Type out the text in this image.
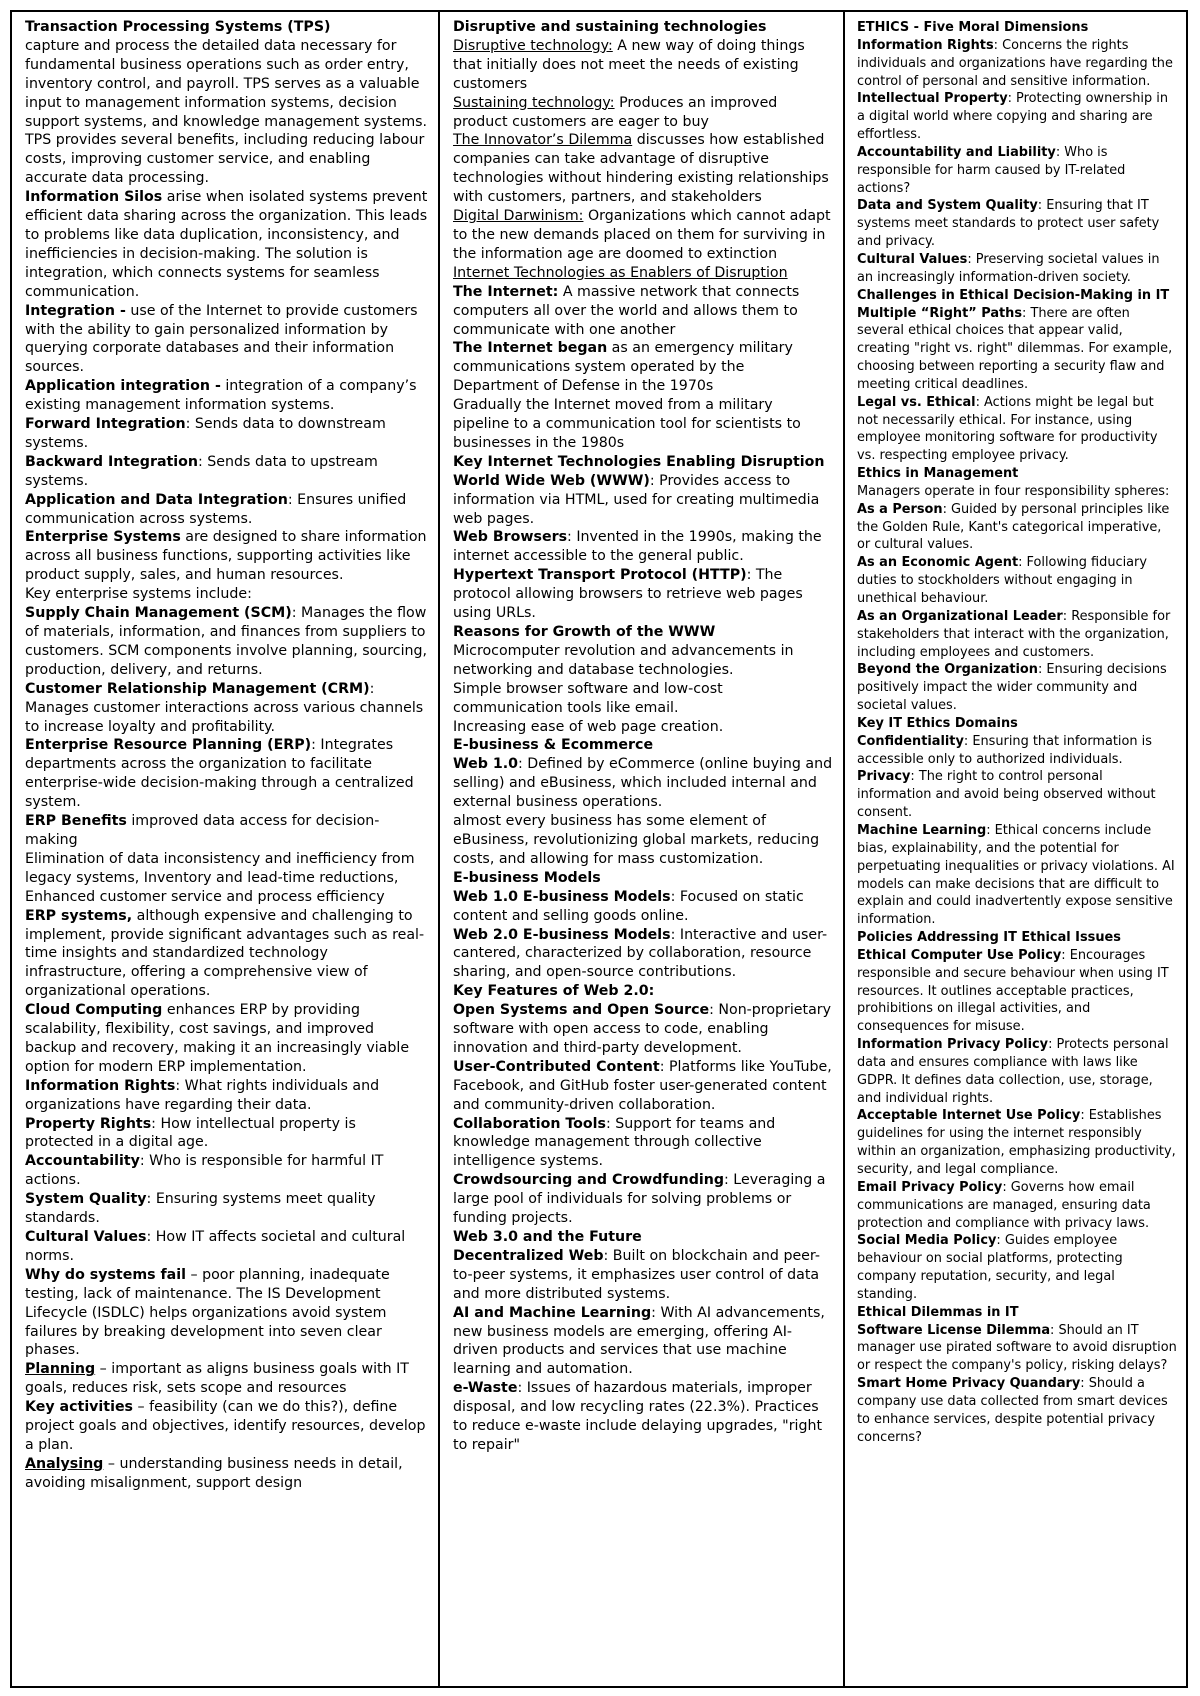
Transaction Processing Systems (TPS)

capture and process the detailed data necessary for fundamental business operations such as order entry, inventory control, and payroll. TPS serves as a valuable input to management information systems, decision support systems, and knowledge management systems. TPS provides several benefits, including reducing labour costs, improving customer service, and enabling accurate data processing.

Information Silos arise when isolated systems prevent efficient data sharing across the organization. This leads to problems like data duplication, inconsistency, and inefficiencies in decision-making. The solution is integration, which connects systems for seamless communication.

Integration - use of the Internet to provide customers with the ability to gain personalized information by querying corporate databases and their information sources.

Application integration - integration of a company’s existing management information systems.

Forward Integration: Sends data to downstream systems.

Backward Integration: Sends data to upstream systems.

Application and Data Integration: Ensures unified communication across systems.

Enterprise Systems are designed to share information across all business functions, supporting activities like product supply, sales, and human resources.

Key enterprise systems include:

Supply Chain Management (SCM): Manages the flow of materials, information, and finances from suppliers to customers. SCM components involve planning, sourcing, production, delivery, and returns.

Customer Relationship Management (CRM): Manages customer interactions across various channels to increase loyalty and profitability.

Enterprise Resource Planning (ERP): Integrates departments across the organization to facilitate enterprise-wide decision-making through a centralized system.

ERP Benefits improved data access for decision-making

Elimination of data inconsistency and inefficiency from legacy systems, Inventory and lead-time reductions,

Enhanced customer service and process efficiency

ERP systems, although expensive and challenging to implement, provide significant advantages such as real-time insights and standardized technology infrastructure, offering a comprehensive view of organizational operations.

Cloud Computing enhances ERP by providing scalability, flexibility, cost savings, and improved backup and recovery, making it an increasingly viable option for modern ERP implementation.

Information Rights: What rights individuals and organizations have regarding their data.

Property Rights: How intellectual property is protected in a digital age.

Accountability: Who is responsible for harmful IT actions.

System Quality: Ensuring systems meet quality standards.

Cultural Values: How IT affects societal and cultural norms.

Why do systems fail – poor planning, inadequate testing, lack of maintenance. The IS Development Lifecycle (ISDLC) helps organizations avoid system failures by breaking development into seven clear phases.

Planning – important as aligns business goals with IT goals, reduces risk, sets scope and resources

Key activities – feasibility (can we do this?), define project goals and objectives, identify resources, develop a plan.

Analysing – understanding business needs in detail, avoiding misalignment, support design

Disruptive and sustaining technologies

Disruptive technology: A new way of doing things that initially does not meet the needs of existing customers

Sustaining technology: Produces an improved product customers are eager to buy

The Innovator’s Dilemma discusses how established companies can take advantage of disruptive technologies without hindering existing relationships with customers, partners, and stakeholders

Digital Darwinism: Organizations which cannot adapt to the new demands placed on them for surviving in the information age are doomed to extinction

Internet Technologies as Enablers of Disruption

The Internet: A massive network that connects computers all over the world and allows them to communicate with one another

The Internet began as an emergency military communications system operated by the Department of Defense in the 1970s

Gradually the Internet moved from a military pipeline to a communication tool for scientists to businesses in the 1980s

Key Internet Technologies Enabling Disruption

World Wide Web (WWW): Provides access to information via HTML, used for creating multimedia web pages.

Web Browsers: Invented in the 1990s, making the internet accessible to the general public.

Hypertext Transport Protocol (HTTP): The protocol allowing browsers to retrieve web pages using URLs.

Reasons for Growth of the WWW

Microcomputer revolution and advancements in networking and database technologies.

Simple browser software and low-cost communication tools like email.

Increasing ease of web page creation.

E-business & Ecommerce

Web 1.0: Defined by eCommerce (online buying and selling) and eBusiness, which included internal and external business operations.

almost every business has some element of eBusiness, revolutionizing global markets, reducing costs, and allowing for mass customization.

E-business Models

Web 1.0 E-business Models: Focused on static content and selling goods online.

Web 2.0 E-business Models: Interactive and user-cantered, characterized by collaboration, resource sharing, and open-source contributions.

Key Features of Web 2.0:

Open Systems and Open Source: Non-proprietary software with open access to code, enabling innovation and third-party development.

User-Contributed Content: Platforms like YouTube, Facebook, and GitHub foster user-generated content and community-driven collaboration.

Collaboration Tools: Support for teams and knowledge management through collective intelligence systems.

Crowdsourcing and Crowdfunding: Leveraging a large pool of individuals for solving problems or funding projects.

Web 3.0 and the Future

Decentralized Web: Built on blockchain and peer-to-peer systems, it emphasizes user control of data and more distributed systems.

AI and Machine Learning: With AI advancements, new business models are emerging, offering AI-driven products and services that use machine learning and automation.

e-Waste: Issues of hazardous materials, improper disposal, and low recycling rates (22.3%). Practices to reduce e-waste include delaying upgrades, "right to repair"

ETHICS - Five Moral Dimensions

Information Rights: Concerns the rights individuals and organizations have regarding the control of personal and sensitive information.

Intellectual Property: Protecting ownership in a digital world where copying and sharing are effortless.

Accountability and Liability: Who is responsible for harm caused by IT-related actions?

Data and System Quality: Ensuring that IT systems meet standards to protect user safety and privacy.

Cultural Values: Preserving societal values in an increasingly information-driven society.

Challenges in Ethical Decision-Making in IT

Multiple “Right” Paths: There are often several ethical choices that appear valid, creating "right vs. right" dilemmas. For example, choosing between reporting a security flaw and meeting critical deadlines.

Legal vs. Ethical: Actions might be legal but not necessarily ethical. For instance, using employee monitoring software for productivity vs. respecting employee privacy.

Ethics in Management

Managers operate in four responsibility spheres:

As a Person: Guided by personal principles like the Golden Rule, Kant's categorical imperative, or cultural values.

As an Economic Agent: Following fiduciary duties to stockholders without engaging in unethical behaviour.

As an Organizational Leader: Responsible for stakeholders that interact with the organization, including employees and customers.

Beyond the Organization: Ensuring decisions positively impact the wider community and societal values.

Key IT Ethics Domains

Confidentiality: Ensuring that information is accessible only to authorized individuals.

Privacy: The right to control personal information and avoid being observed without consent.

Machine Learning: Ethical concerns include bias, explainability, and the potential for perpetuating inequalities or privacy violations. AI models can make decisions that are difficult to explain and could inadvertently expose sensitive information.

Policies Addressing IT Ethical Issues

Ethical Computer Use Policy: Encourages responsible and secure behaviour when using IT resources. It outlines acceptable practices, prohibitions on illegal activities, and consequences for misuse.

Information Privacy Policy: Protects personal data and ensures compliance with laws like GDPR. It defines data collection, use, storage, and individual rights.

Acceptable Internet Use Policy: Establishes guidelines for using the internet responsibly within an organization, emphasizing productivity, security, and legal compliance.

Email Privacy Policy: Governs how email communications are managed, ensuring data protection and compliance with privacy laws.

Social Media Policy: Guides employee behaviour on social platforms, protecting company reputation, security, and legal standing.

Ethical Dilemmas in IT

Software License Dilemma: Should an IT manager use pirated software to avoid disruption or respect the company's policy, risking delays?

Smart Home Privacy Quandary: Should a company use data collected from smart devices to enhance services, despite potential privacy concerns?
